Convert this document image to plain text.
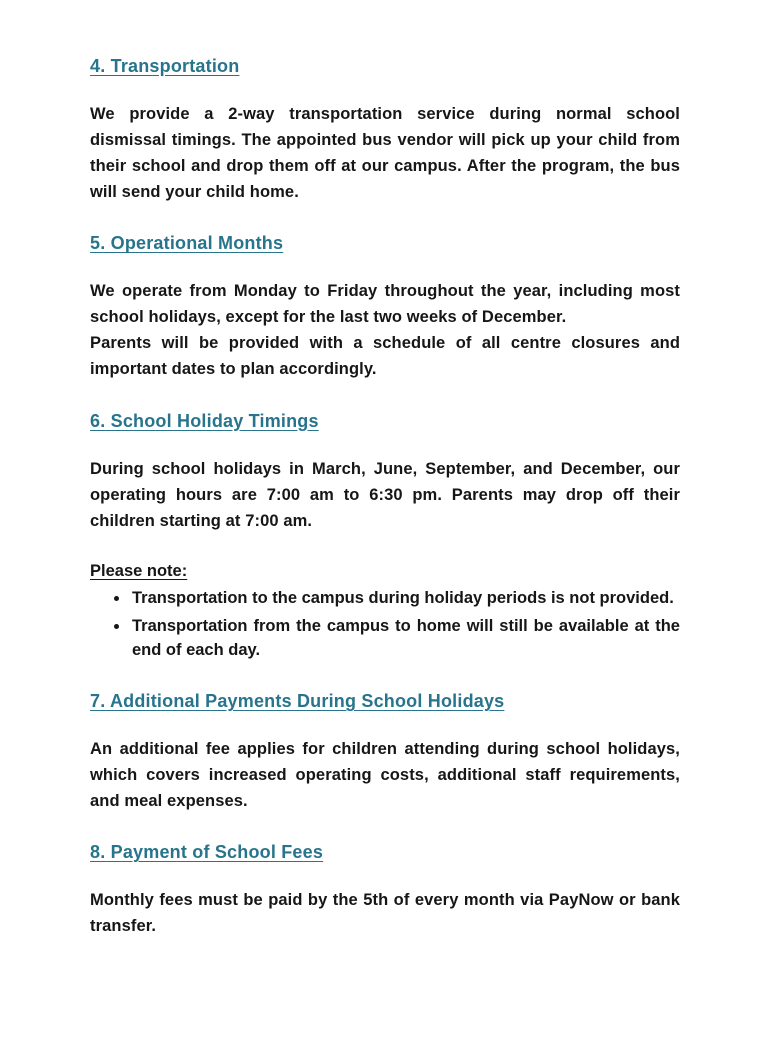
4. Transportation

We provide a 2-way transportation service during normal school dismissal timings. The appointed bus vendor will pick up your child from their school and drop them off at our campus. After the program, the bus will send your child home.

5. Operational Months

We operate from Monday to Friday throughout the year, including most school holidays, except for the last two weeks of December.

Parents will be provided with a schedule of all centre closures and important dates to plan accordingly.

6. School Holiday Timings

During school holidays in March, June, September, and December, our operating hours are 7:00 am to 6:30 pm. Parents may drop off their children starting at 7:00 am.

Please note:

• Transportation to the campus during holiday periods is not provided.
• Transportation from the campus to home will still be available at the end of each day.
7. Additional Payments During School Holidays

An additional fee applies for children attending during school holidays, which covers increased operating costs, additional staff requirements, and meal expenses.

8. Payment of School Fees

Monthly fees must be paid by the 5th of every month via PayNow or bank transfer.
